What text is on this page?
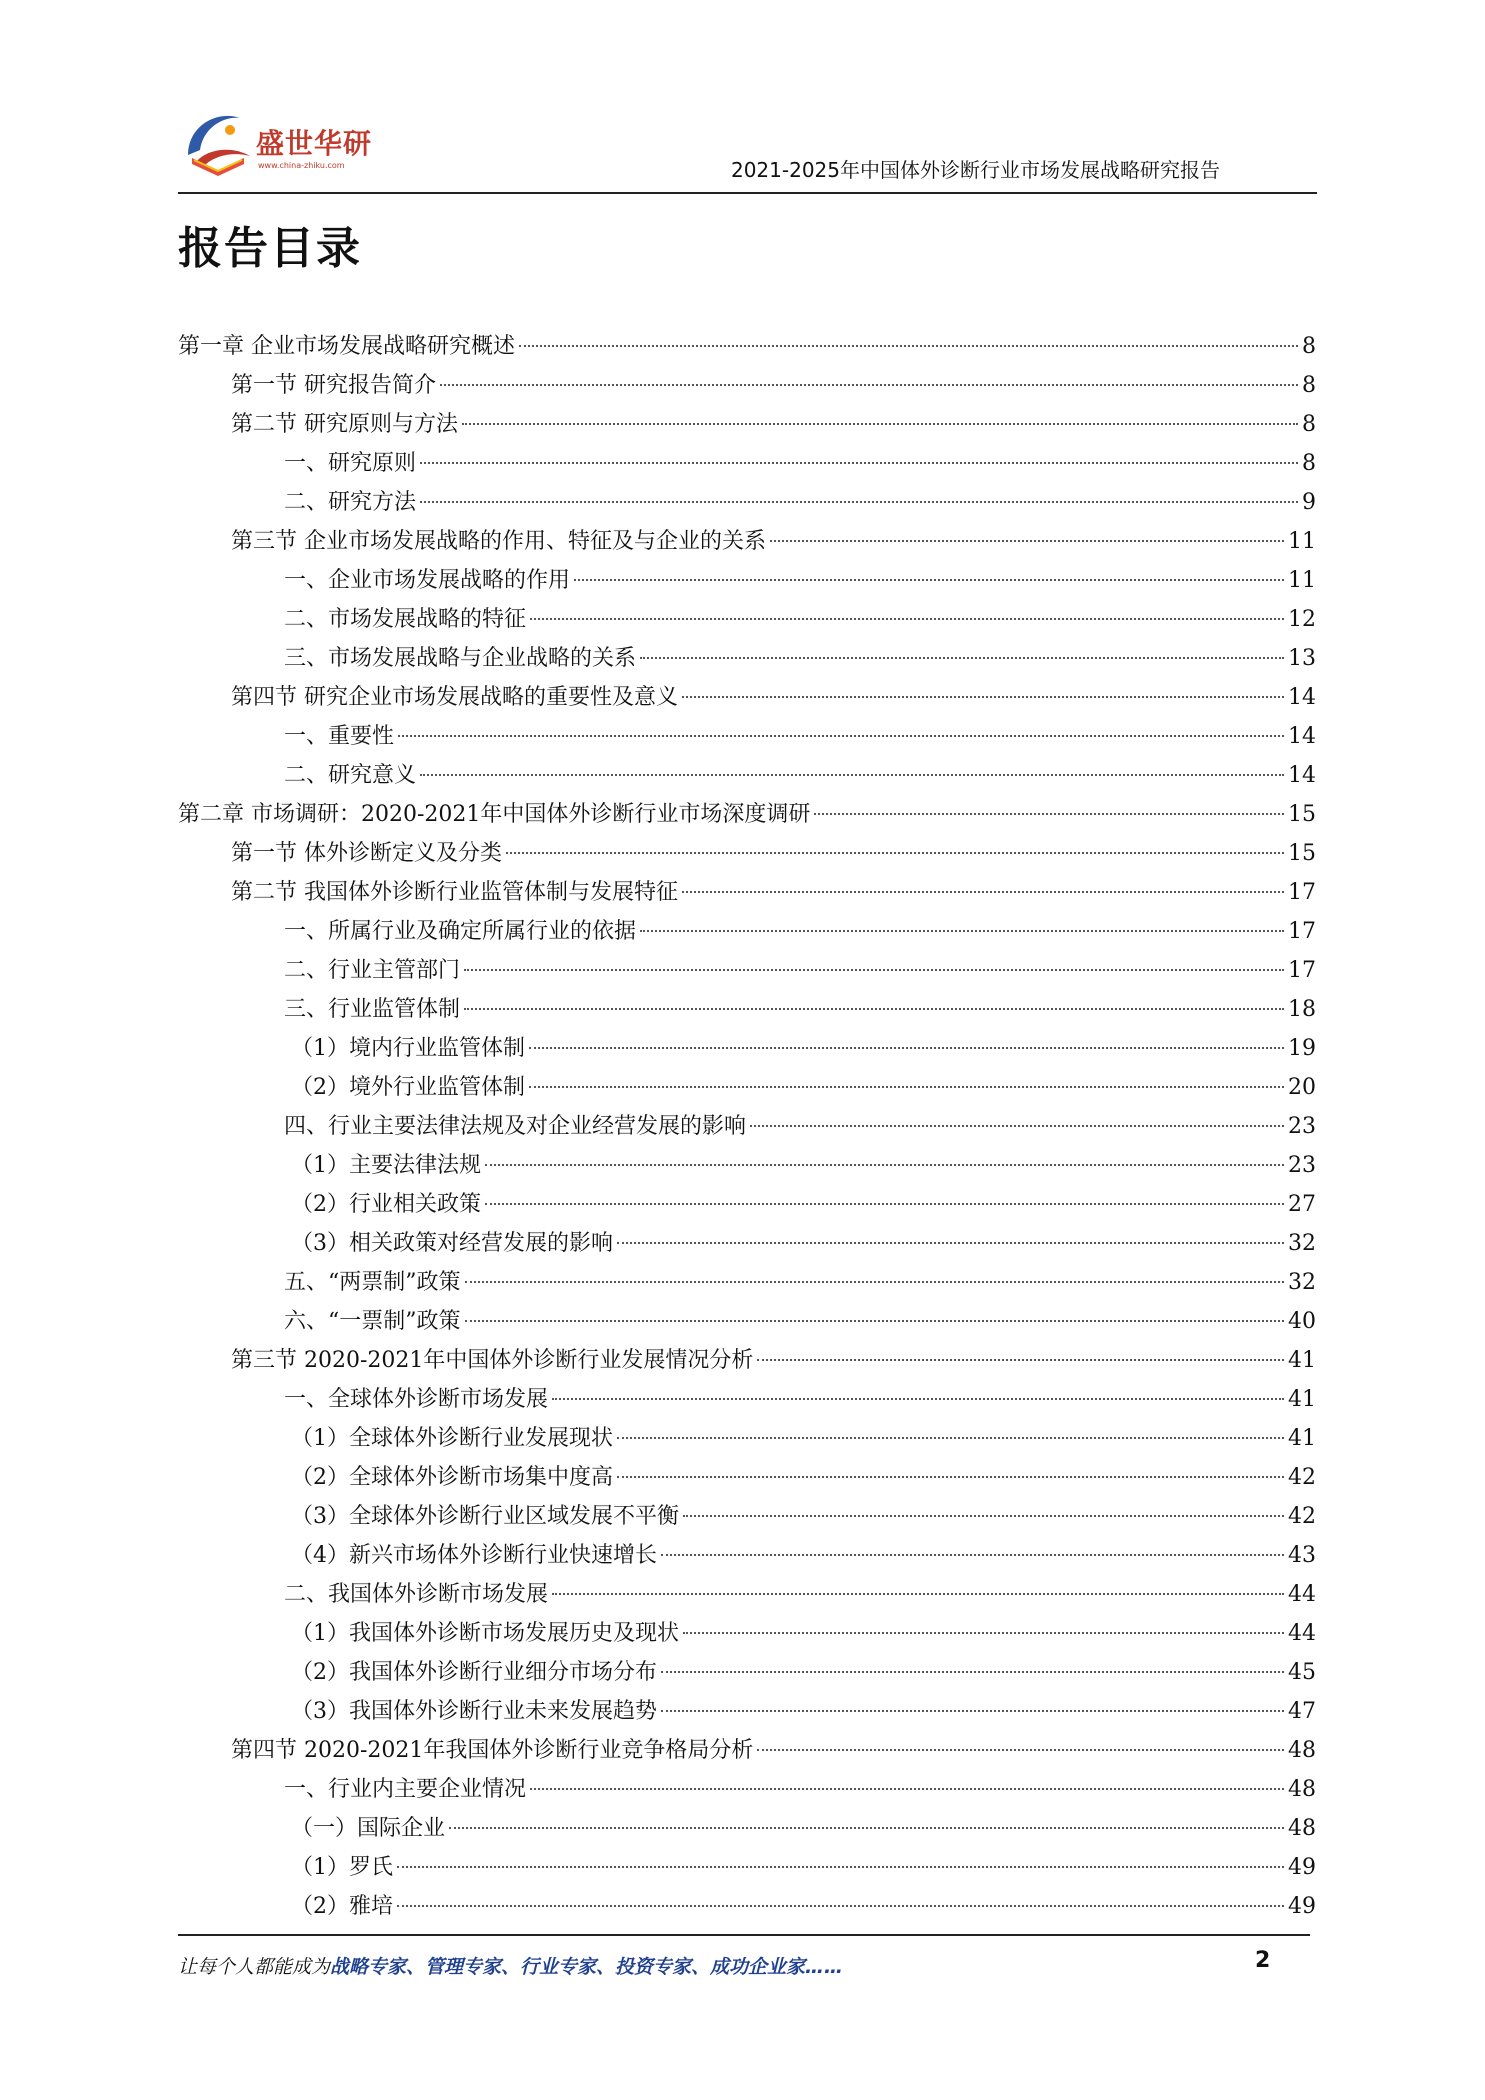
盛世华研
www.china-zhiku.com	2021-2025年中国体外诊断行业市场发展战略研究报告
报告目录
第一章 企业市场发展战略研究概述	8
第一节 研究报告简介	8
第二节 研究原则与方法	8
一、研究原则	8
二、研究方法	9
第三节 企业市场发展战略的作用、特征及与企业的关系	11
一、企业市场发展战略的作用	11
二、市场发展战略的特征	12
三、市场发展战略与企业战略的关系	13
第四节 研究企业市场发展战略的重要性及意义	14
一、重要性	14
二、研究意义	14
第二章 市场调研：2020-2021年中国体外诊断行业市场深度调研	15
第一节 体外诊断定义及分类	15
第二节 我国体外诊断行业监管体制与发展特征	17
一、所属行业及确定所属行业的依据	17
二、行业主管部门	17
三、行业监管体制	18
（1）境内行业监管体制	19
（2）境外行业监管体制	20
四、行业主要法律法规及对企业经营发展的影响	23
（1）主要法律法规	23
（2）行业相关政策	27
（3）相关政策对经营发展的影响	32
五、“两票制”政策	32
六、“一票制”政策	40
第三节 2020-2021年中国体外诊断行业发展情况分析	41
一、全球体外诊断市场发展	41
（1）全球体外诊断行业发展现状	41
（2）全球体外诊断市场集中度高	42
（3）全球体外诊断行业区域发展不平衡	42
（4）新兴市场体外诊断行业快速增长	43
二、我国体外诊断市场发展	44
（1）我国体外诊断市场发展历史及现状	44
（2）我国体外诊断行业细分市场分布	45
（3）我国体外诊断行业未来发展趋势	47
第四节 2020-2021年我国体外诊断行业竞争格局分析	48
一、行业内主要企业情况	48
（一）国际企业	48
（1）罗氏	49
（2）雅培	49
让每个人都能成为战略专家、管理专家、行业专家、投资专家、成功企业家……	2
